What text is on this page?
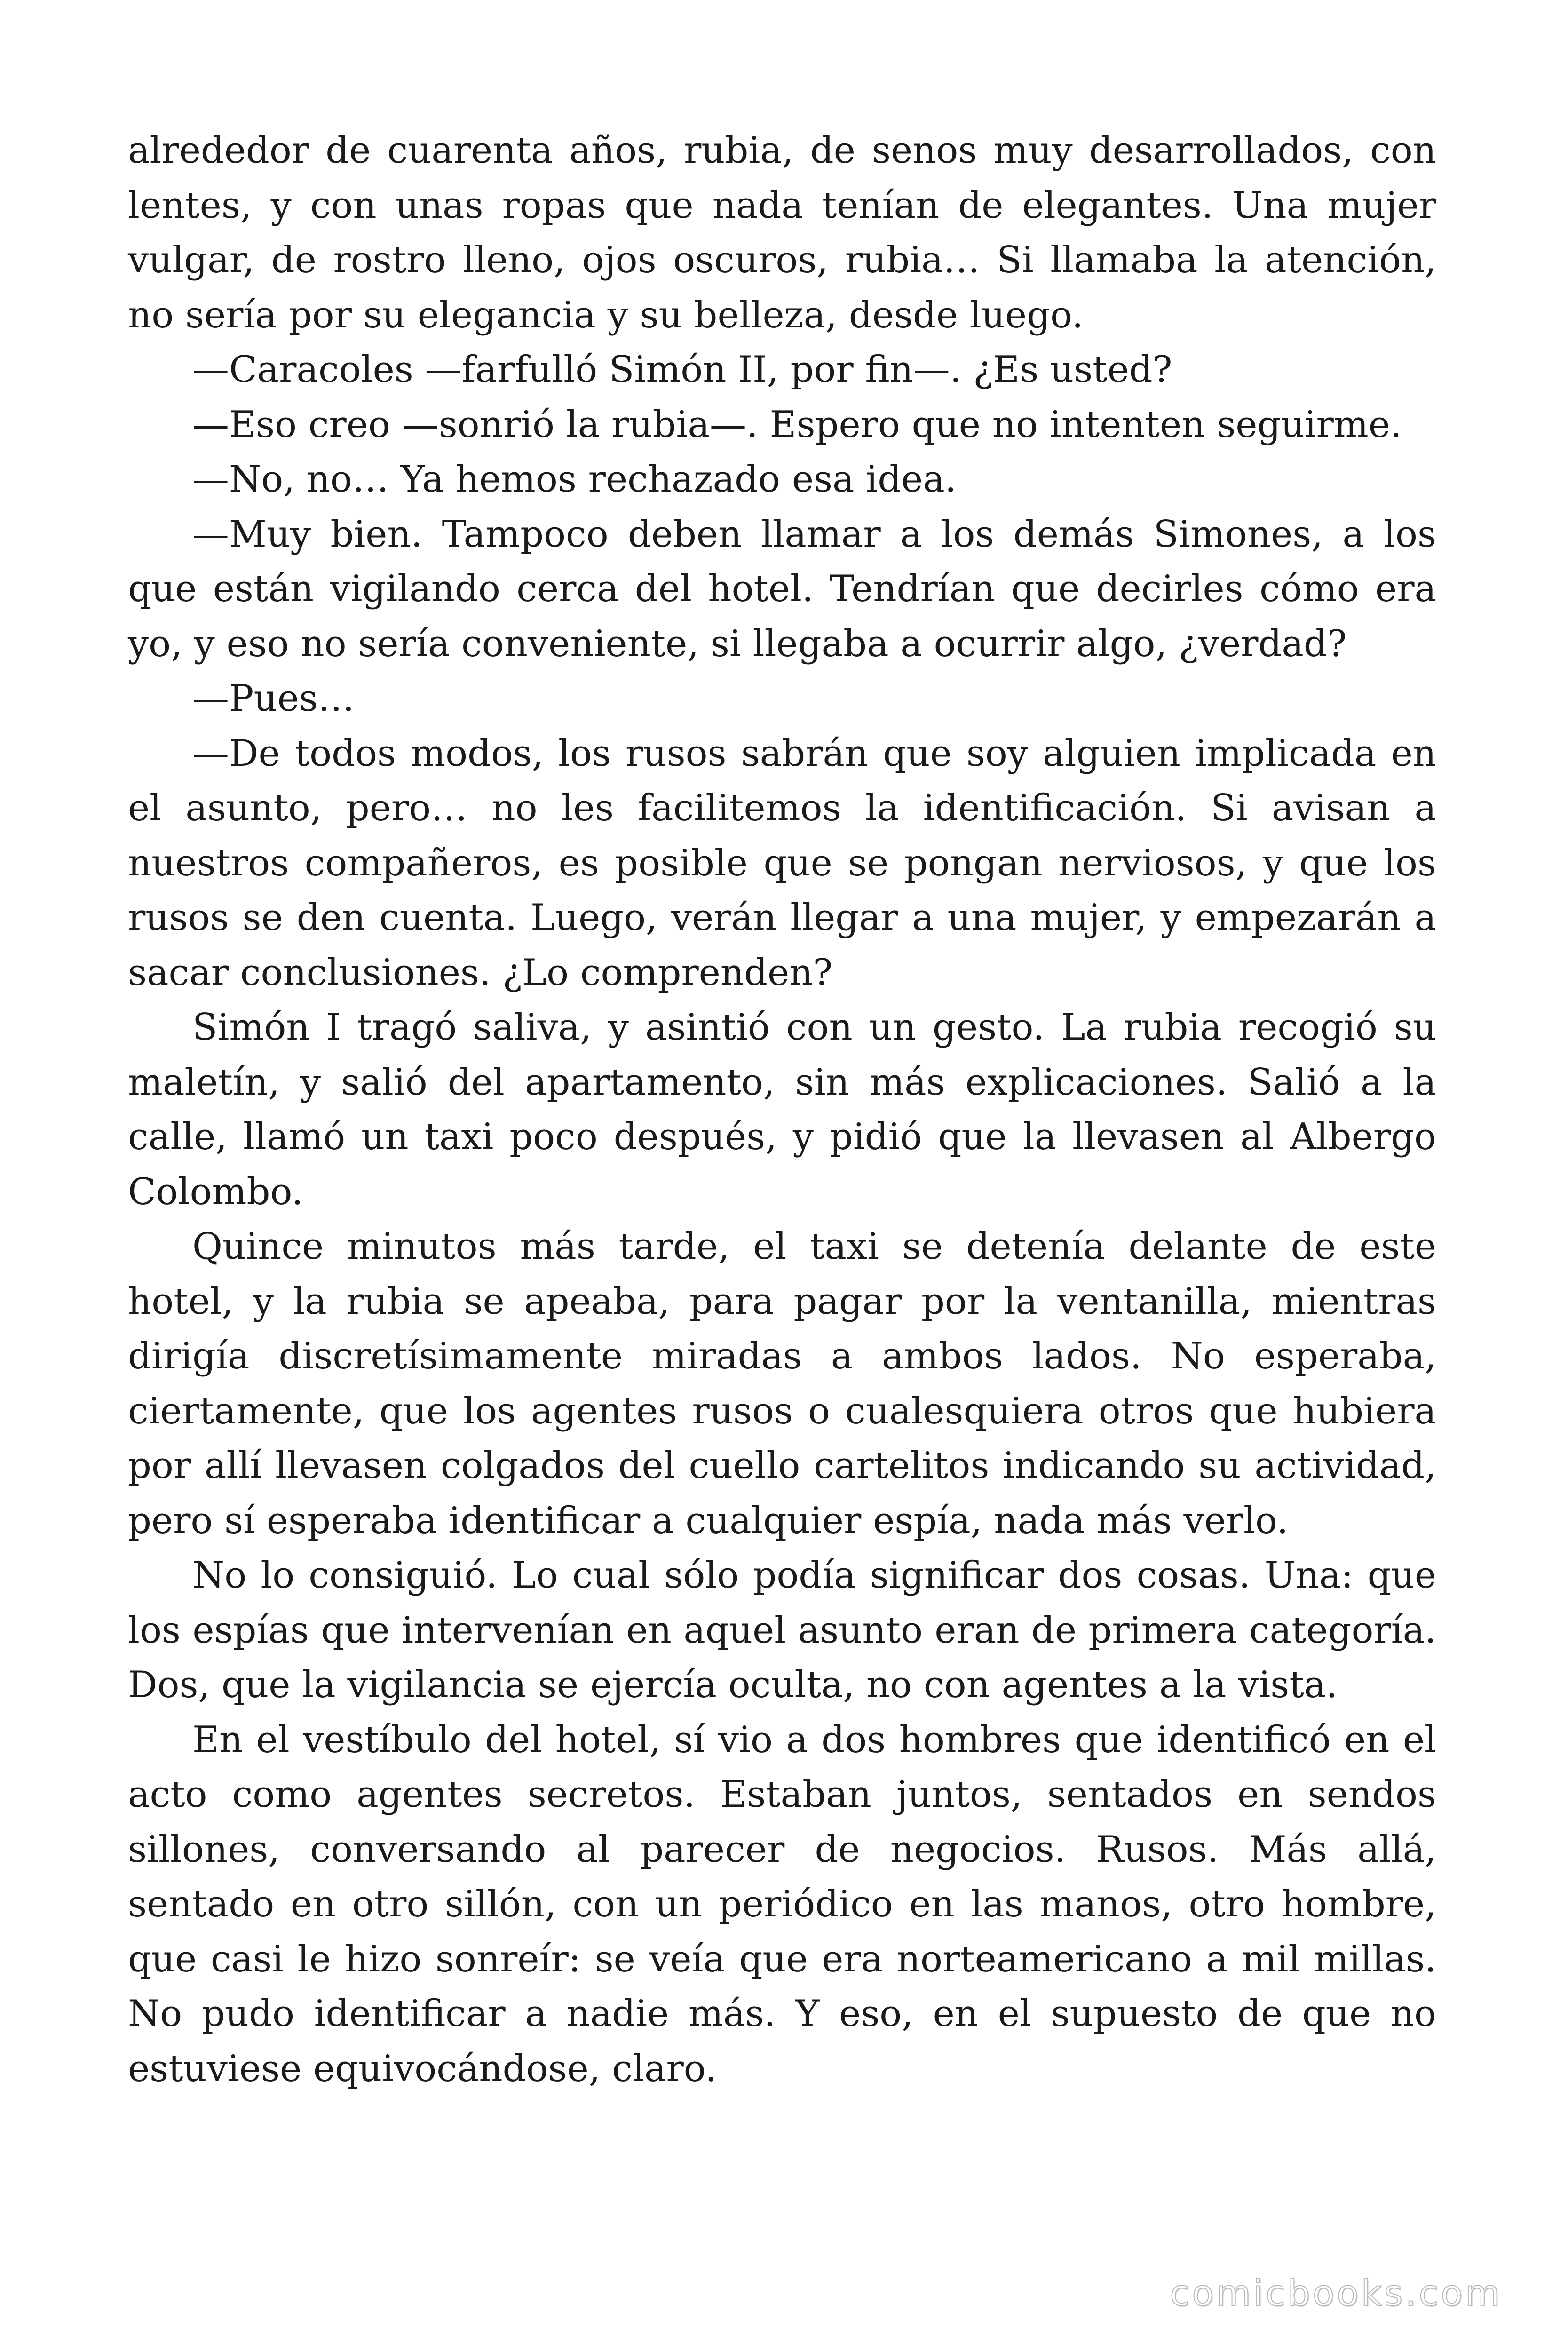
alrededor de cuarenta años, rubia, de senos muy desarrollados, con lentes, y con unas ropas que nada tenían de elegantes. Una mujer vulgar, de rostro lleno, ojos oscuros, rubia… Si llamaba la atención, no sería por su elegancia y su belleza, desde luego.

—Caracoles —farfulló Simón II, por fin—. ¿Es usted?

—Eso creo —sonrió la rubia—. Espero que no intenten seguirme.

—No, no… Ya hemos rechazado esa idea.

—Muy bien. Tampoco deben llamar a los demás Simones, a los que están vigilando cerca del hotel. Tendrían que decirles cómo era yo, y eso no sería conveniente, si llegaba a ocurrir algo, ¿verdad?

—Pues…

—De todos modos, los rusos sabrán que soy alguien implicada en el asunto, pero… no les facilitemos la identificación. Si avisan a nuestros compañeros, es posible que se pongan nerviosos, y que los rusos se den cuenta. Luego, verán llegar a una mujer, y empezarán a sacar conclusiones. ¿Lo comprenden?

Simón I tragó saliva, y asintió con un gesto. La rubia recogió su maletín, y salió del apartamento, sin más explicaciones. Salió a la calle, llamó un taxi poco después, y pidió que la llevasen al Albergo Colombo.

Quince minutos más tarde, el taxi se detenía delante de este hotel, y la rubia se apeaba, para pagar por la ventanilla, mientras dirigía discretísimamente miradas a ambos lados. No esperaba, ciertamente, que los agentes rusos o cualesquiera otros que hubiera por allí llevasen colgados del cuello cartelitos indicando su actividad, pero sí esperaba identificar a cualquier espía, nada más verlo.

No lo consiguió. Lo cual sólo podía significar dos cosas. Una: que los espías que intervenían en aquel asunto eran de primera categoría. Dos, que la vigilancia se ejercía oculta, no con agentes a la vista.

En el vestíbulo del hotel, sí vio a dos hombres que identificó en el acto como agentes secretos. Estaban juntos, sentados en sendos sillones, conversando al parecer de negocios. Rusos. Más allá, sentado en otro sillón, con un periódico en las manos, otro hombre, que casi le hizo sonreír: se veía que era norteamericano a mil millas. No pudo identificar a nadie más. Y eso, en el supuesto de que no estuviese equivocándose, claro.

comicbooks.com
